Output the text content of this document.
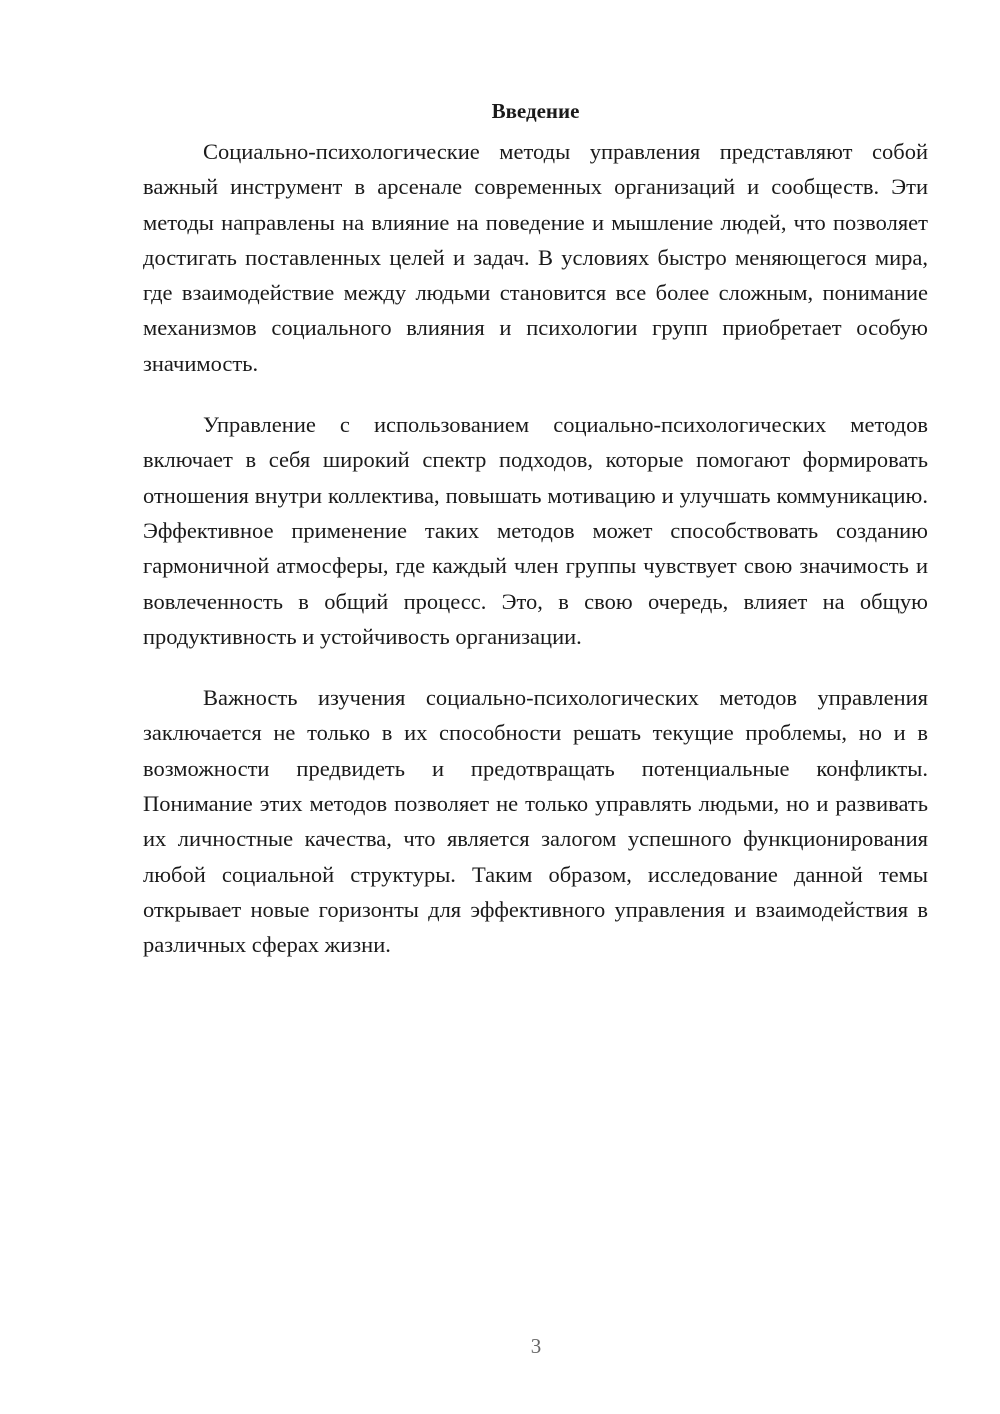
Введение

Социально-психологические методы управления представляют собой важный инструмент в арсенале современных организаций и сообществ. Эти методы направлены на влияние на поведение и мышление людей, что позволяет достигать поставленных целей и задач. В условиях быстро меняющегося мира, где взаимодействие между людьми становится все более сложным, понимание механизмов социального влияния и психологии групп приобретает особую значимость.

Управление с использованием социально-психологических методов включает в себя широкий спектр подходов, которые помогают формировать отношения внутри коллектива, повышать мотивацию и улучшать коммуникацию. Эффективное применение таких методов может способствовать созданию гармоничной атмосферы, где каждый член группы чувствует свою значимость и вовлеченность в общий процесс. Это, в свою очередь, влияет на общую продуктивность и устойчивость организации.

Важность изучения социально-психологических методов управления заключается не только в их способности решать текущие проблемы, но и в возможности предвидеть и предотвращать потенциальные конфликты. Понимание этих методов позволяет не только управлять людьми, но и развивать их личностные качества, что является залогом успешного функционирования любой социальной структуры. Таким образом, исследование данной темы открывает новые горизонты для эффективного управления и взаимодействия в различных сферах жизни.

3
